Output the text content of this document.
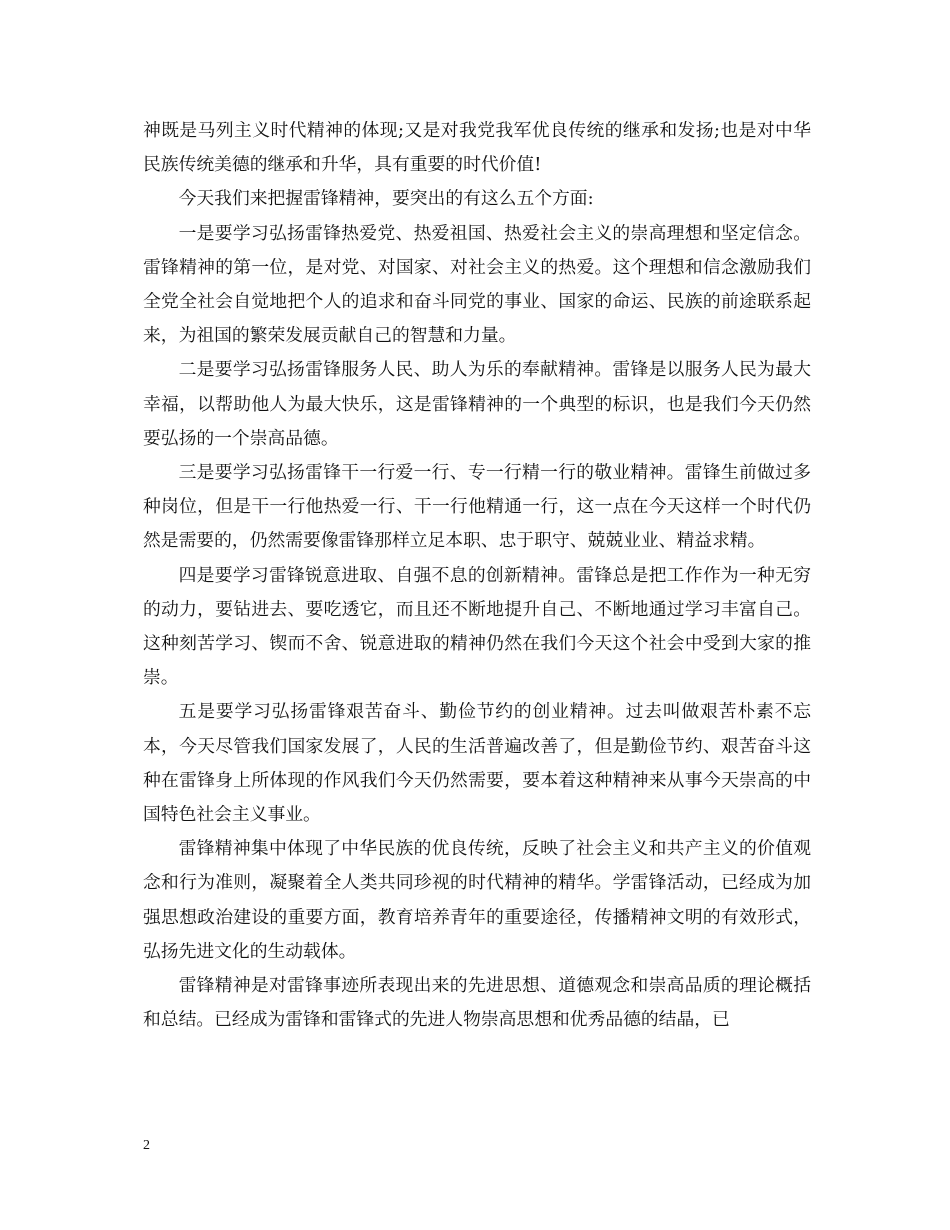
神既是马列主义时代精神的体现;又是对我党我军优良传统的继承和发扬;也是对中华民族传统美德的继承和升华，具有重要的时代价值!

今天我们来把握雷锋精神，要突出的有这么五个方面:

一是要学习弘扬雷锋热爱党、热爱祖国、热爱社会主义的崇高理想和坚定信念。雷锋精神的第一位，是对党、对国家、对社会主义的热爱。这个理想和信念激励我们全党全社会自觉地把个人的追求和奋斗同党的事业、国家的命运、民族的前途联系起来，为祖国的繁荣发展贡献自己的智慧和力量。

二是要学习弘扬雷锋服务人民、助人为乐的奉献精神。雷锋是以服务人民为最大幸福，以帮助他人为最大快乐，这是雷锋精神的一个典型的标识，也是我们今天仍然要弘扬的一个崇高品德。

三是要学习弘扬雷锋干一行爱一行、专一行精一行的敬业精神。雷锋生前做过多种岗位，但是干一行他热爱一行、干一行他精通一行，这一点在今天这样一个时代仍然是需要的，仍然需要像雷锋那样立足本职、忠于职守、兢兢业业、精益求精。

四是要学习雷锋锐意进取、自强不息的创新精神。雷锋总是把工作作为一种无穷的动力，要钻进去、要吃透它，而且还不断地提升自己、不断地通过学习丰富自己。这种刻苦学习、锲而不舍、锐意进取的精神仍然在我们今天这个社会中受到大家的推崇。

五是要学习弘扬雷锋艰苦奋斗、勤俭节约的创业精神。过去叫做艰苦朴素不忘本，今天尽管我们国家发展了，人民的生活普遍改善了，但是勤俭节约、艰苦奋斗这种在雷锋身上所体现的作风我们今天仍然需要，要本着这种精神来从事今天崇高的中国特色社会主义事业。

雷锋精神集中体现了中华民族的优良传统，反映了社会主义和共产主义的价值观念和行为准则，凝聚着全人类共同珍视的时代精神的精华。学雷锋活动，已经成为加强思想政治建设的重要方面，教育培养青年的重要途径，传播精神文明的有效形式，弘扬先进文化的生动载体。

雷锋精神是对雷锋事迹所表现出来的先进思想、道德观念和崇高品质的理论概括和总结。已经成为雷锋和雷锋式的先进人物崇高思想和优秀品德的结晶，已

2
